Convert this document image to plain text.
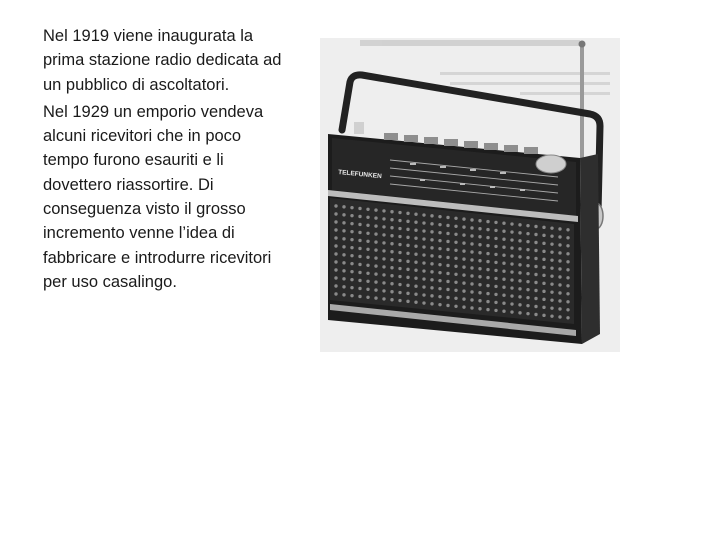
Nel 1919 viene inaugurata la prima stazione radio dedicata ad un pubblico di ascoltatori.

Nel 1929 un emporio vendeva alcuni ricevitori che in poco tempo furono esauriti e li dovettero riassortire. Di conseguenza visto il grosso incremento venne l’idea di fabbricare e introdurre ricevitori per uso casalingo.

TELEFUNKEN
